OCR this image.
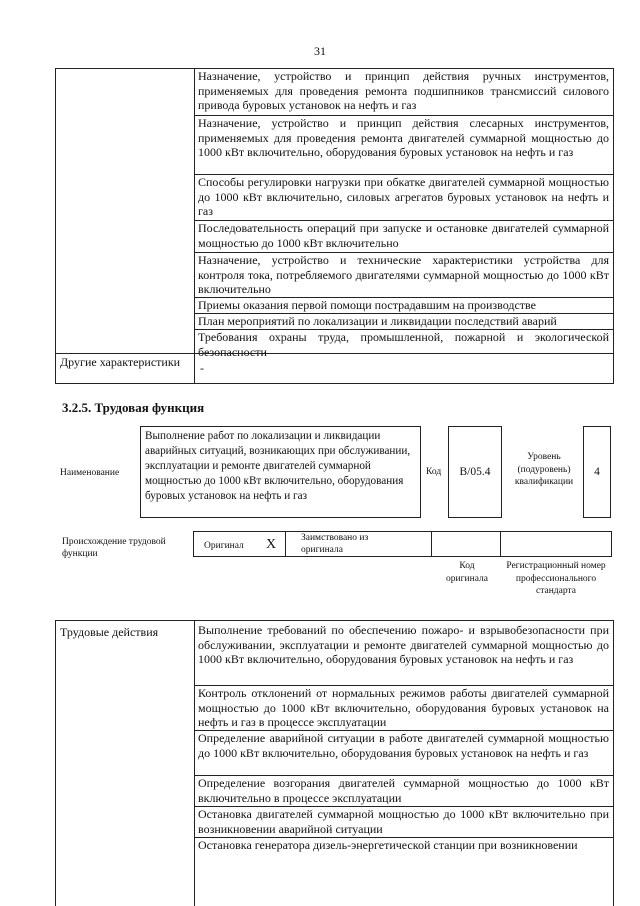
31
Назначение, устройство и принцип действия ручных инструментов, применяемых для проведения ремонта подшипников трансмиссий силового привода буровых установок на нефть и газ
Назначение, устройство и принцип действия слесарных инструментов, применяемых для проведения ремонта двигателей суммарной мощностью до 1000 кВт включительно, оборудования буровых установок на нефть и газ
Способы регулировки нагрузки при обкатке двигателей суммарной мощностью до 1000 кВт включительно, силовых агрегатов буровых установок на нефть и газ
Последовательность операций при запуске и остановке двигателей суммарной мощностью до 1000 кВт включительно
Назначение, устройство и технические характеристики устройства для контроля тока, потребляемого двигателями суммарной мощностью до 1000 кВт включительно
Приемы оказания первой помощи пострадавшим на производстве
План мероприятий по локализации и ликвидации последствий аварий
Требования охраны труда, промышленной, пожарной и экологической безопасности
Другие характеристики	-
3.2.5. Трудовая функция
Наименование
Выполнение работ по локализации и ликвидации аварийных ситуаций, возникающих при обслуживании, эксплуатации и ремонте двигателей суммарной мощностью до 1000 кВт включительно, оборудования буровых установок на нефть и газ
Код	B/05.4
Уровень (подуровень) квалификации
4
Происхождение трудовой функции
Оригинал X	Заимствовано из оригинала
Код оригинала
Регистрационный номер профессионального стандарта
Трудовые действия	Выполнение требований по обеспечению пожаро- и взрывобезопасности при обслуживании, эксплуатации и ремонте двигателей суммарной мощностью до 1000 кВт включительно, оборудования буровых установок на нефть и газ
Контроль отклонений от нормальных режимов работы двигателей суммарной мощностью до 1000 кВт включительно, оборудования буровых установок на нефть и газ в процессе эксплуатации
Определение аварийной ситуации в работе двигателей суммарной мощностью до 1000 кВт включительно, оборудования буровых установок на нефть и газ
Определение возгорания двигателей суммарной мощностью до 1000 кВт включительно в процессе эксплуатации
Остановка двигателей суммарной мощностью до 1000 кВт включительно при возникновении аварийной ситуации
Остановка генератора дизель-энергетической станции при возникновении
